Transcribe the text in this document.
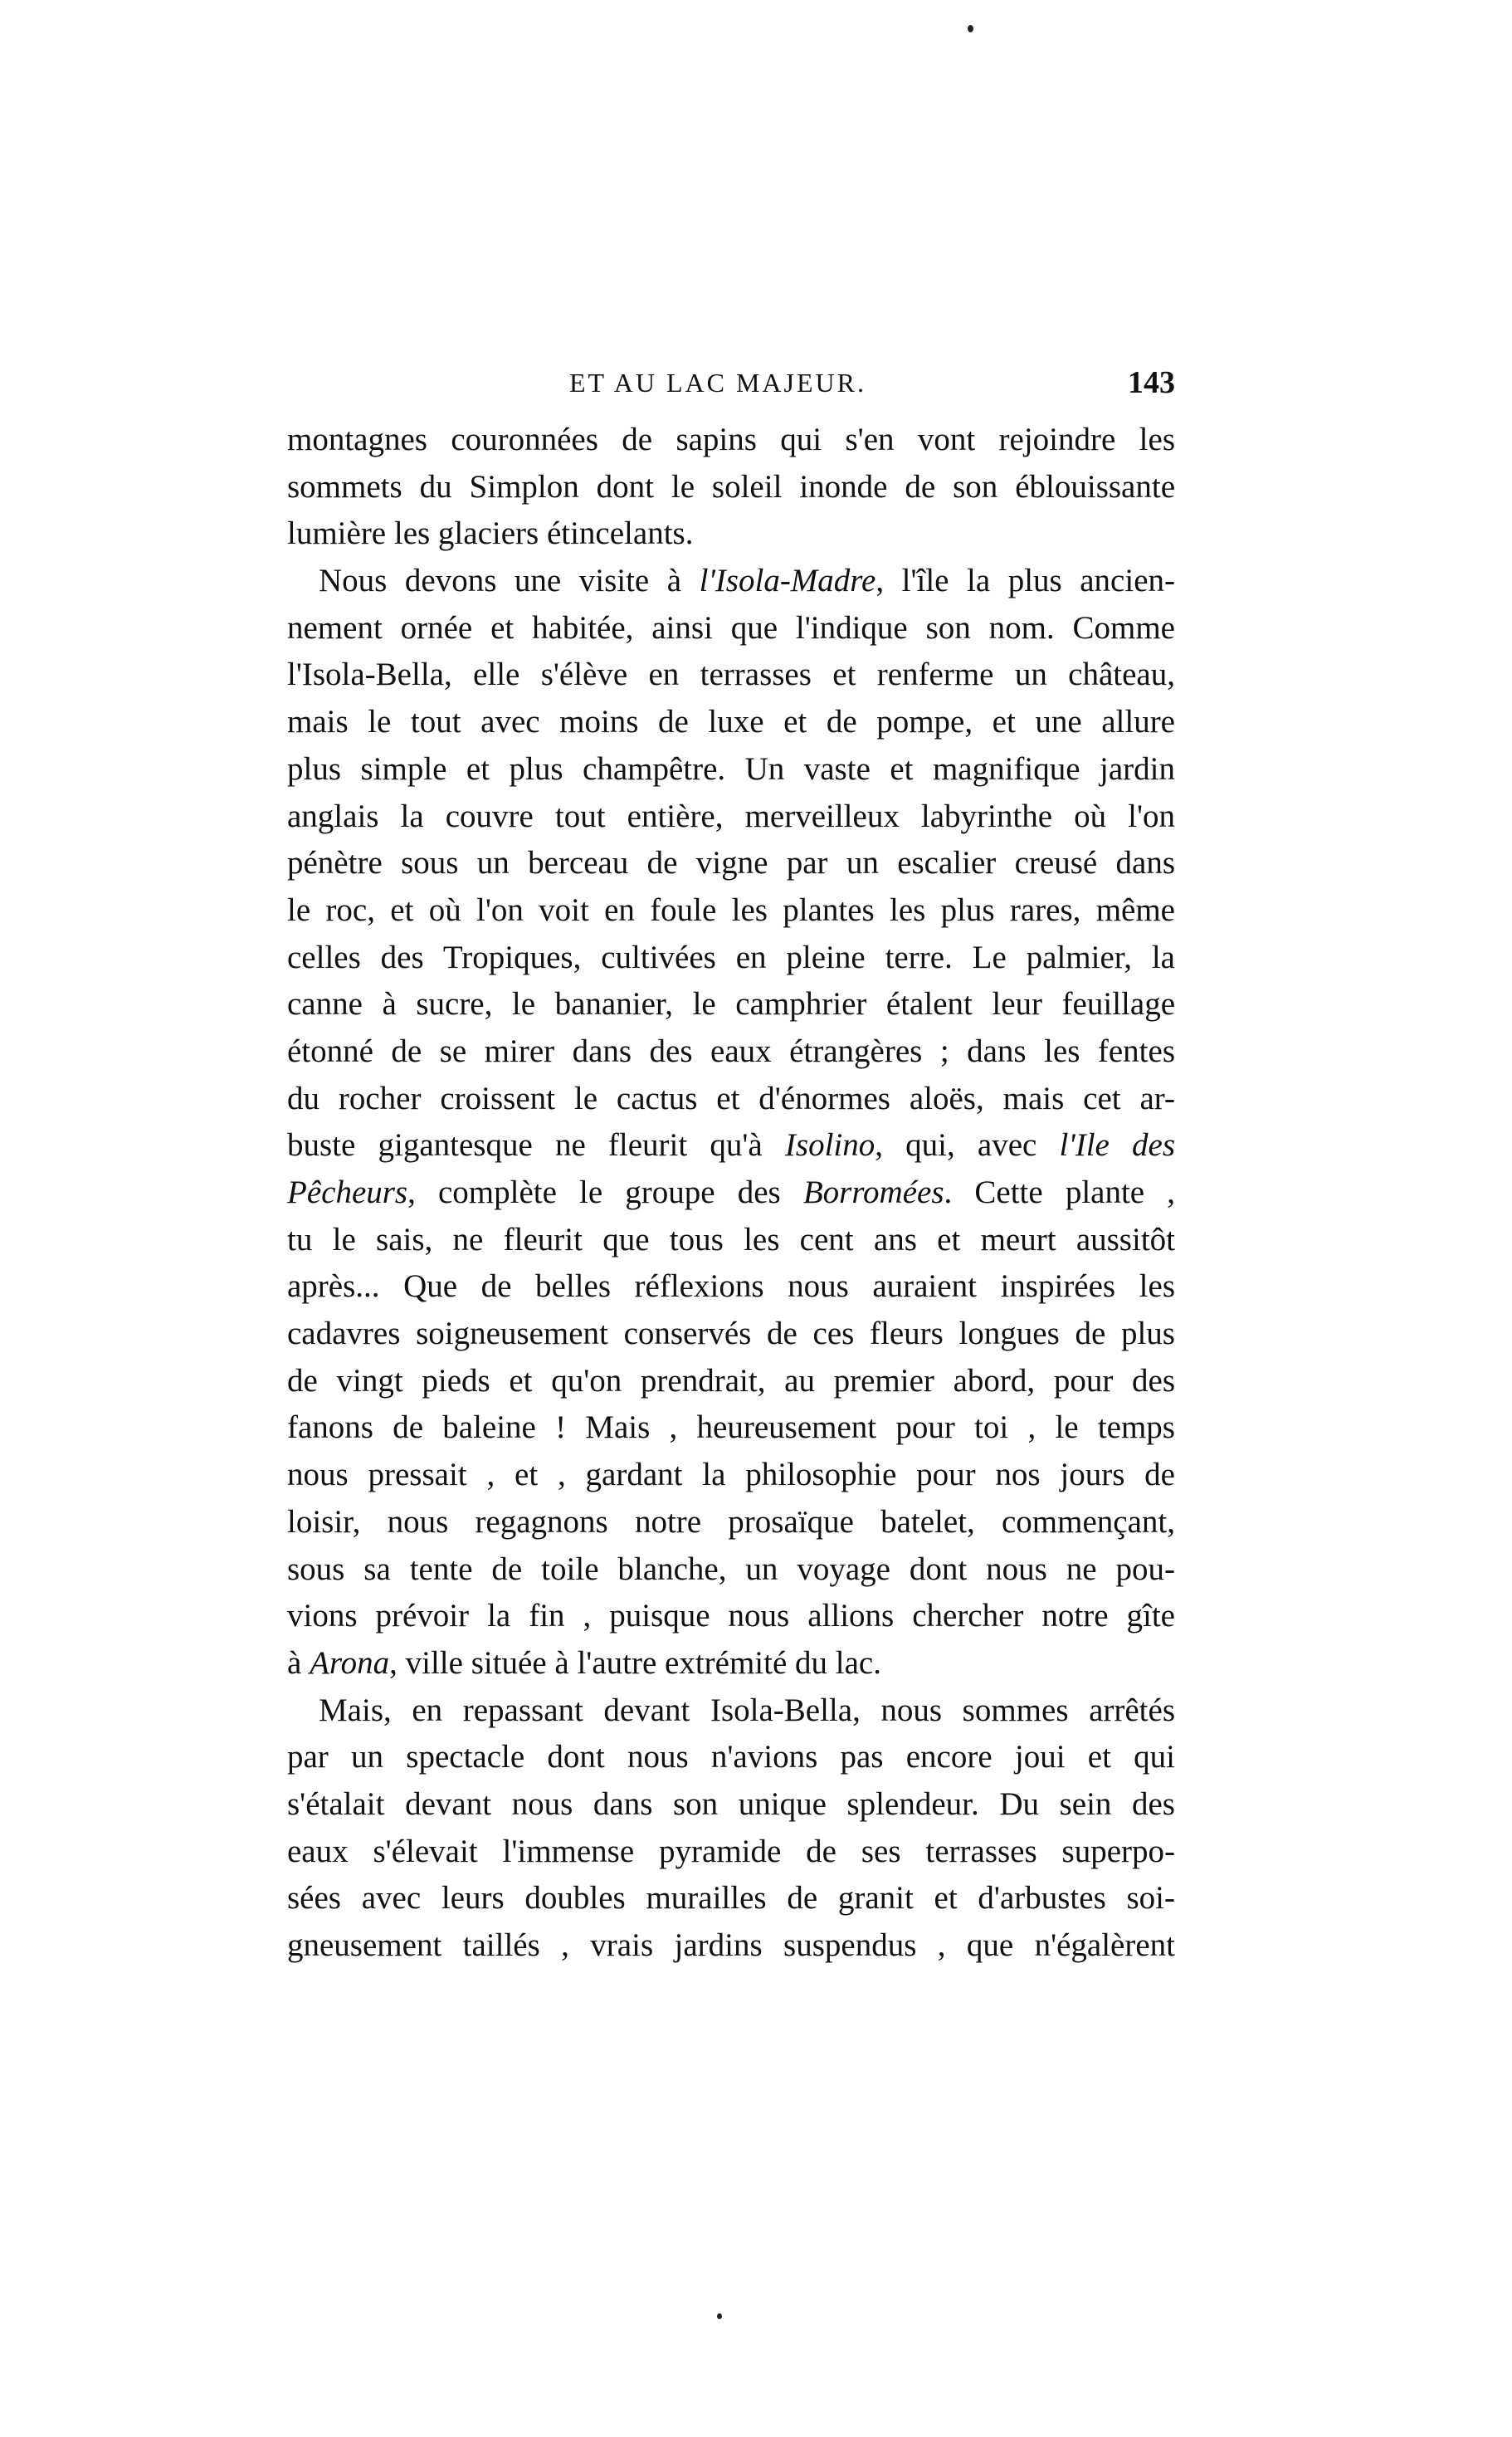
ET AU LAC MAJEUR.	143
montagnes couronnées de sapins qui s'en vont rejoindre les
sommets du Simplon dont le soleil inonde de son éblouissante
lumière les glaciers étincelants.
Nous devons une visite à l'Isola-Madre, l'île la plus ancien-
nement ornée et habitée, ainsi que l'indique son nom. Comme
l'Isola-Bella, elle s'élève en terrasses et renferme un château,
mais le tout avec moins de luxe et de pompe, et une allure
plus simple et plus champêtre. Un vaste et magnifique jardin
anglais la couvre tout entière, merveilleux labyrinthe où l'on
pénètre sous un berceau de vigne par un escalier creusé dans
le roc, et où l'on voit en foule les plantes les plus rares, même
celles des Tropiques, cultivées en pleine terre. Le palmier, la
canne à sucre, le bananier, le camphrier étalent leur feuillage
étonné de se mirer dans des eaux étrangères ; dans les fentes
du rocher croissent le cactus et d'énormes aloës, mais cet ar-
buste gigantesque ne fleurit qu'à Isolino, qui, avec l'Ile des
Pêcheurs, complète le groupe des Borromées. Cette plante ,
tu le sais, ne fleurit que tous les cent ans et meurt aussitôt
après... Que de belles réflexions nous auraient inspirées les
cadavres soigneusement conservés de ces fleurs longues de plus
de vingt pieds et qu'on prendrait, au premier abord, pour des
fanons de baleine ! Mais , heureusement pour toi , le temps
nous pressait , et , gardant la philosophie pour nos jours de
loisir, nous regagnons notre prosaïque batelet, commençant,
sous sa tente de toile blanche, un voyage dont nous ne pou-
vions prévoir la fin , puisque nous allions chercher notre gîte
à Arona, ville située à l'autre extrémité du lac.
Mais, en repassant devant Isola-Bella, nous sommes arrêtés
par un spectacle dont nous n'avions pas encore joui et qui
s'étalait devant nous dans son unique splendeur. Du sein des
eaux s'élevait l'immense pyramide de ses terrasses superpo-
sées avec leurs doubles murailles de granit et d'arbustes soi-
gneusement taillés , vrais jardins suspendus , que n'égalèrent
